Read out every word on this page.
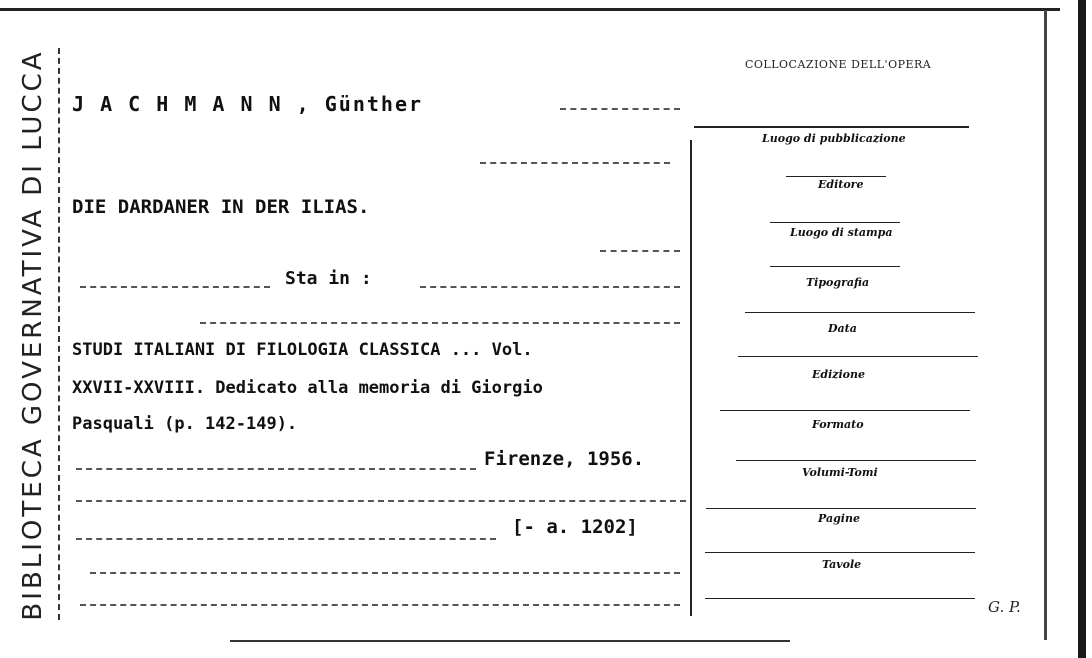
BIBLIOTECA GOVERNATIVA DI LUCCA	J A C H M A N N , Günther
DIE DARDANER IN DER ILIAS.
Sta in :
STUDI ITALIANI DI FILOLOGIA CLASSICA ... Vol.
XXVII-XXVIII. Dedicato alla memoria di Giorgio
Pasquali (p. 142-149).
Firenze, 1956.
[- a. 1202]
COLLOCAZIONE DELL'OPERA
Luogo di pubblicazione
Editore
Luogo di stampa
Tipografia
Data
Edizione
Formato
Volumi-Tomi
Pagine
Tavole
G. P.
